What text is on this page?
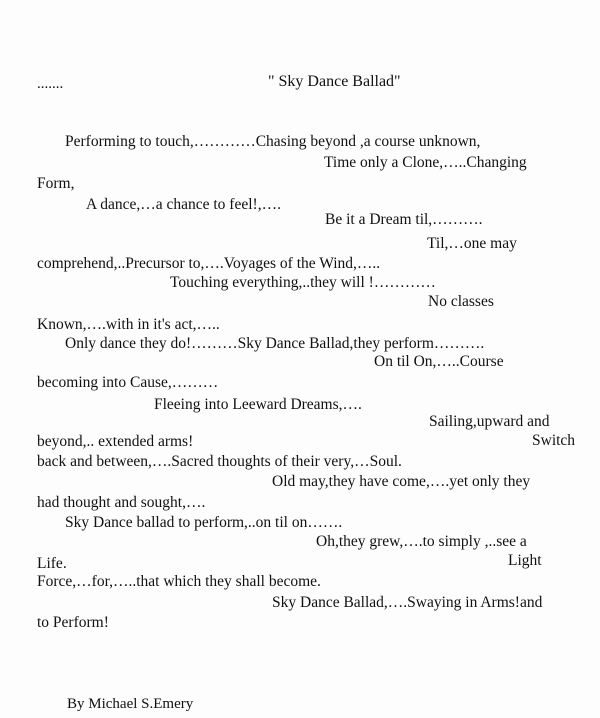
.......	" Sky Dance Ballad"
Performing to touch,…………Chasing beyond ,a course unknown,
Time only a Clone,…..Changing
Form,
A dance,…a chance to feel!,….
Be it a Dream til,……….
Til,…one may
comprehend,..Precursor to,….Voyages of the Wind,…..
Touching everything,..they will !…………
No classes
Known,….with in it's act,…..
Only dance they do!………Sky Dance Ballad,they perform……….
On til On,…..Course
becoming into Cause,………
Fleeing into Leeward Dreams,….
Sailing,upward and
beyond,.. extended arms!	Switch
back and between,….Sacred thoughts of their very,…Soul.
Old may,they have come,….yet only they
had thought and sought,….
Sky Dance ballad to perform,..on til on…….
Oh,they grew,….to simply ,..see a
Life.	Light
Force,…for,…..that which they shall become.
Sky Dance Ballad,….Swaying in Arms!and
to Perform!
By Michael S.Emery
